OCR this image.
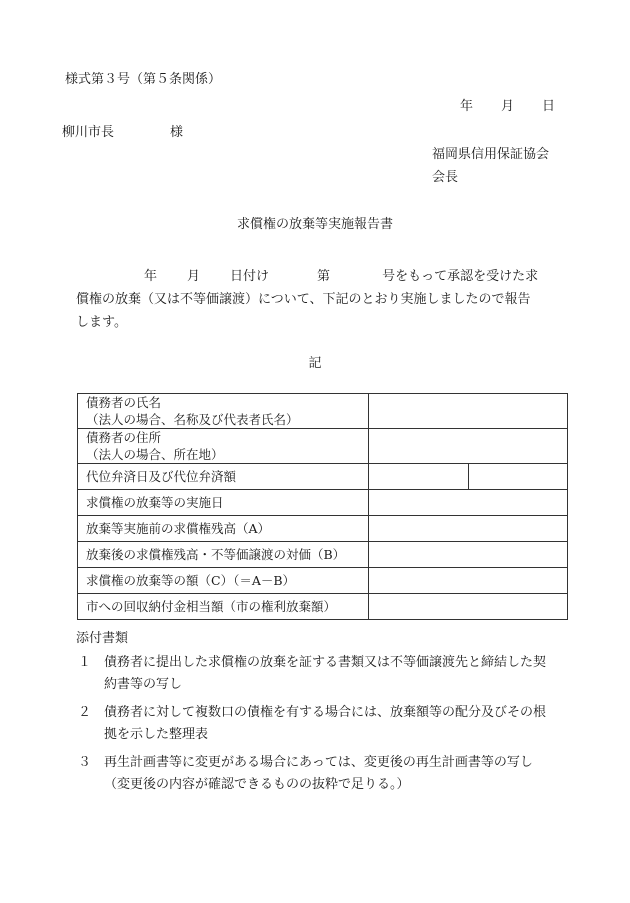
様式第３号（第５条関係）
年 月 日
柳川市長	様
福岡県信用保証協会
会長
求償権の放棄等実施報告書
年 月 日付け	第	号をもって承認を受けた求
償権の放棄（又は不等価譲渡）について、下記のとおり実施しましたので報告
します。
記
債務者の氏名
（法人の場合、名称及び代表者氏名）		

債務者の住所
（法人の場合、所在地）		

代位弁済日及び代位弁済額		
求償権の放棄等の実施日		
放棄等実施前の求償権残高（A）		
放棄後の求償権残高・不等価譲渡の対価（B）		
求償権の放棄等の額（C）（＝A－B）		
市への回収納付金相当額（市の権利放棄額）		
添付書類
１ 債務者に提出した求償権の放棄を証する書類又は不等価譲渡先と締結した契
約書等の写し
２ 債務者に対して複数口の債権を有する場合には、放棄額等の配分及びその根
拠を示した整理表
３ 再生計画書等に変更がある場合にあっては、変更後の再生計画書等の写し
（変更後の内容が確認できるものの抜粋で足りる。）
